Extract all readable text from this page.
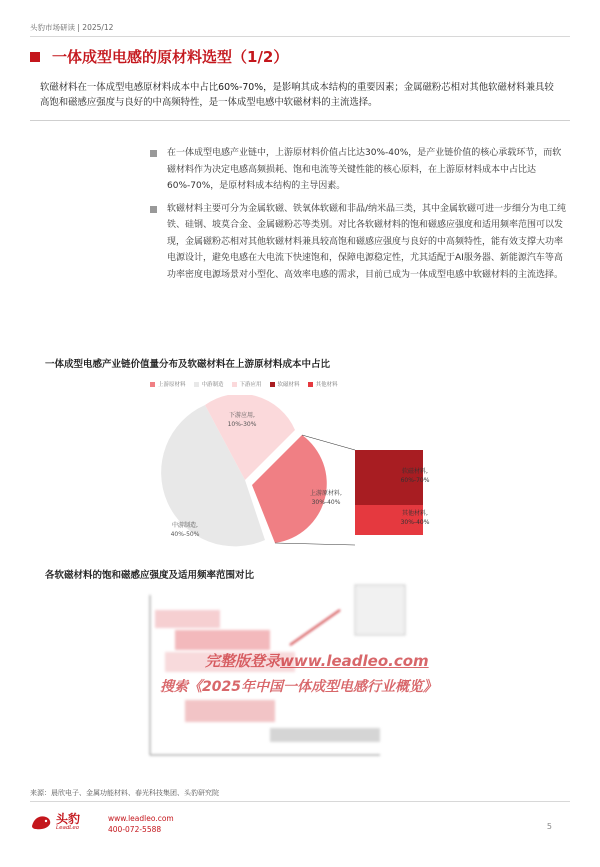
头豹市场研读 | 2025/12
一体成型电感的原材料选型（1/2）
软磁材料在一体成型电感原材料成本中占比60%-70%，是影响其成本结构的重要因素；金属磁粉芯相对其他软磁材料兼具较高饱和磁感应强度与良好的中高频特性，是一体成型电感中软磁材料的主流选择。
在一体成型电感产业链中，上游原材料价值占比达30%-40%，是产业链价值的核心承载环节，而软磁材料作为决定电感高频损耗、饱和电流等关键性能的核心原料，在上游原材料成本中占比达60%-70%，是原材料成本结构的主导因素。
软磁材料主要可分为金属软磁、铁氧体软磁和非晶/纳米晶三类，其中金属软磁可进一步细分为电工纯铁、硅钢、坡莫合金、金属磁粉芯等类别。对比各软磁材料的饱和磁感应强度和适用频率范围可以发现，金属磁粉芯相对其他软磁材料兼具较高饱和磁感应强度与良好的中高频特性，能有效支撑大功率电源设计，避免电感在大电流下快速饱和，保障电源稳定性，尤其适配于AI服务器、新能源汽车等高功率密度电源场景对小型化、高效率电感的需求，目前已成为一体成型电感中软磁材料的主流选择。
一体成型电感产业链价值量分布及软磁材料在上游原材料成本中占比
上游原材料	中游制造	下游应用	软磁材料	其他材料
下游应用,
10%-30%
上游原材料,
30%-40%
中游制造,
40%-50%
软磁材料,
60%-70%
其他材料,
30%-40%
各软磁材料的饱和磁感应强度及适用频率范围对比
完整版登录www.leadleo.com
搜索《2025年中国一体成型电感行业概览》
来源：晨欣电子、金属功能材料、春光科技集团、头豹研究院
头豹
LeadLeo
www.leadleo.com
400-072-5588	5
